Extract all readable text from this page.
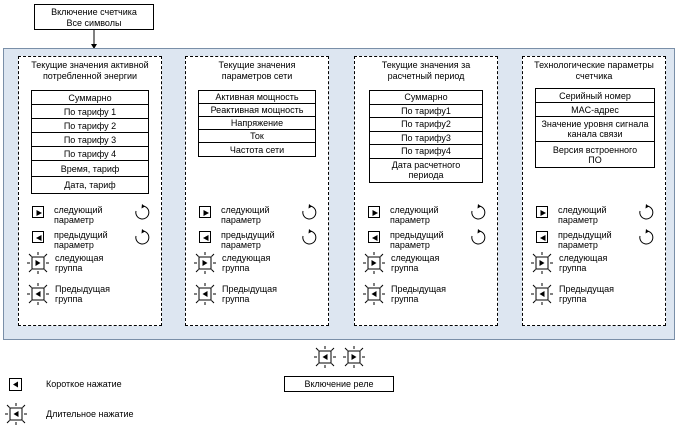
Включение счетчика
Все символы
Текущие значения активной потребленной энергии
Суммарно
По тарифу 1
По тарифу 2
По тарифу 3
По тарифу 4
Время, тариф
Дата, тариф
Текущие значения параметров сети
Активная мощность
Реактивная мощность
Напряжение
Ток
Частота сети
Текущие значения за расчетный период
Суммарно
По тарифу1
По тарифу2
По тарифу3
По тарифу4
Дата расчетного периода
Технологические параметры счетчика
Серийный номер
MAC-адрес
Значение уровня сигнала канала связи
Версия встроенного ПО
следующий параметр
предыдущий параметр
следующая группа
Предыдущая группа
следующий параметр
предыдущий параметр
следующая группа
Предыдущая группа
следующий параметр
предыдущий параметр
следующая группа
Предыдущая группа
следующий параметр
предыдущий параметр
следующая группа
Предыдущая группа
Включение реле
Короткое нажатие
Длительное нажатие
